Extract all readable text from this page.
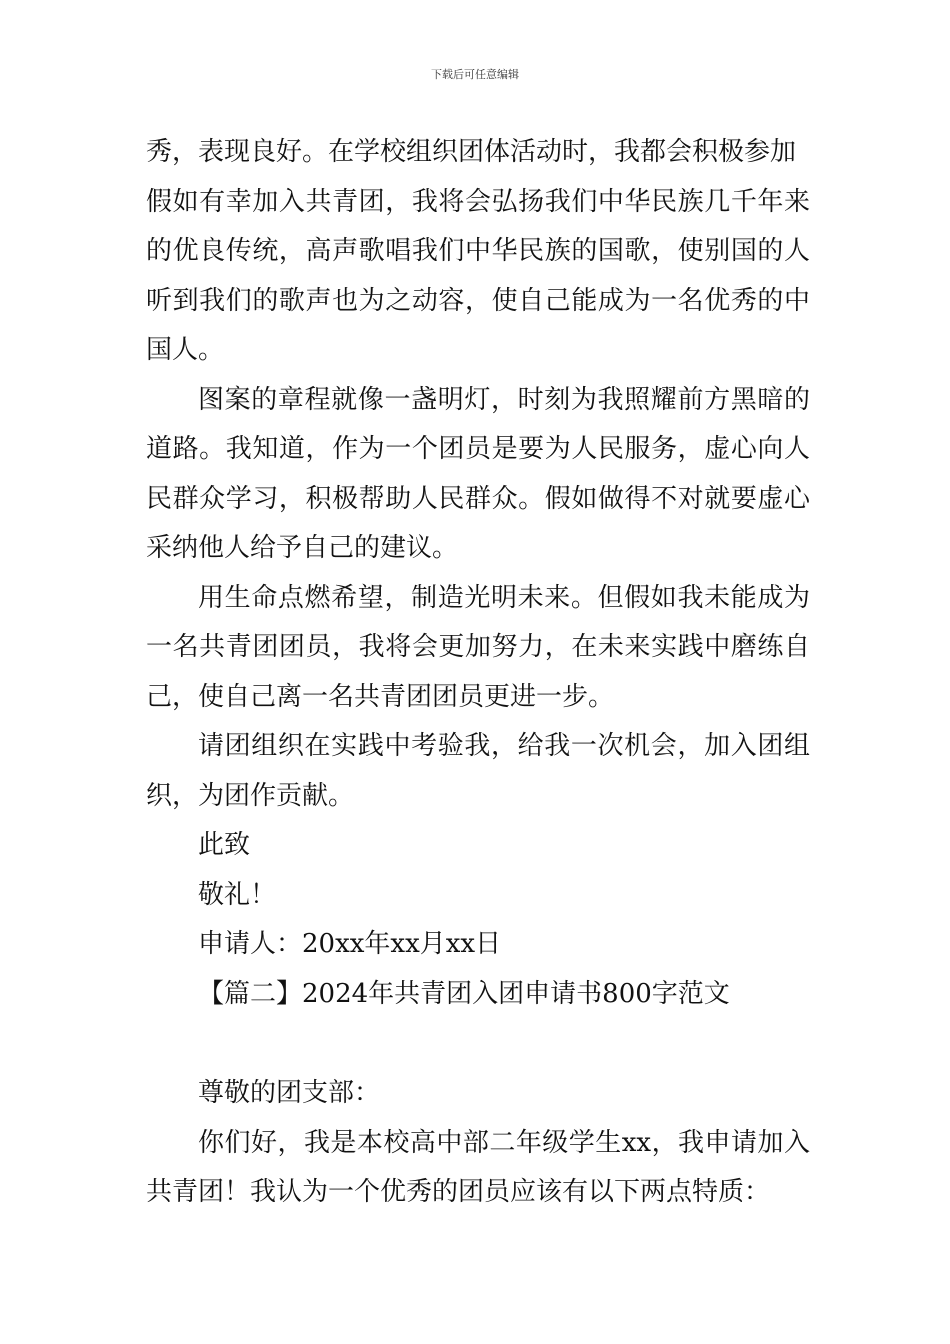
下载后可任意编辑

秀，表现良好。在学校组织团体活动时，我都会积极参加

假如有幸加入共青团，我将会弘扬我们中华民族几千年来的优良传统，高声歌唱我们中华民族的国歌，使别国的人听到我们的歌声也为之动容，使自己能成为一名优秀的中国人。

图案的章程就像一盏明灯，时刻为我照耀前方黑暗的道路。我知道，作为一个团员是要为人民服务，虚心向人民群众学习，积极帮助人民群众。假如做得不对就要虚心采纳他人给予自己的建议。

用生命点燃希望，制造光明未来。但假如我未能成为一名共青团团员，我将会更加努力，在未来实践中磨练自己，使自己离一名共青团团员更进一步。

请团组织在实践中考验我，给我一次机会，加入团组织，为团作贡献。

此致

敬礼！

申请人：20xx年xx月xx日

【篇二】2024年共青团入团申请书800字范文

尊敬的团支部：

你们好，我是本校高中部二年级学生xx，我申请加入共青团！我认为一个优秀的团员应该有以下两点特质：
